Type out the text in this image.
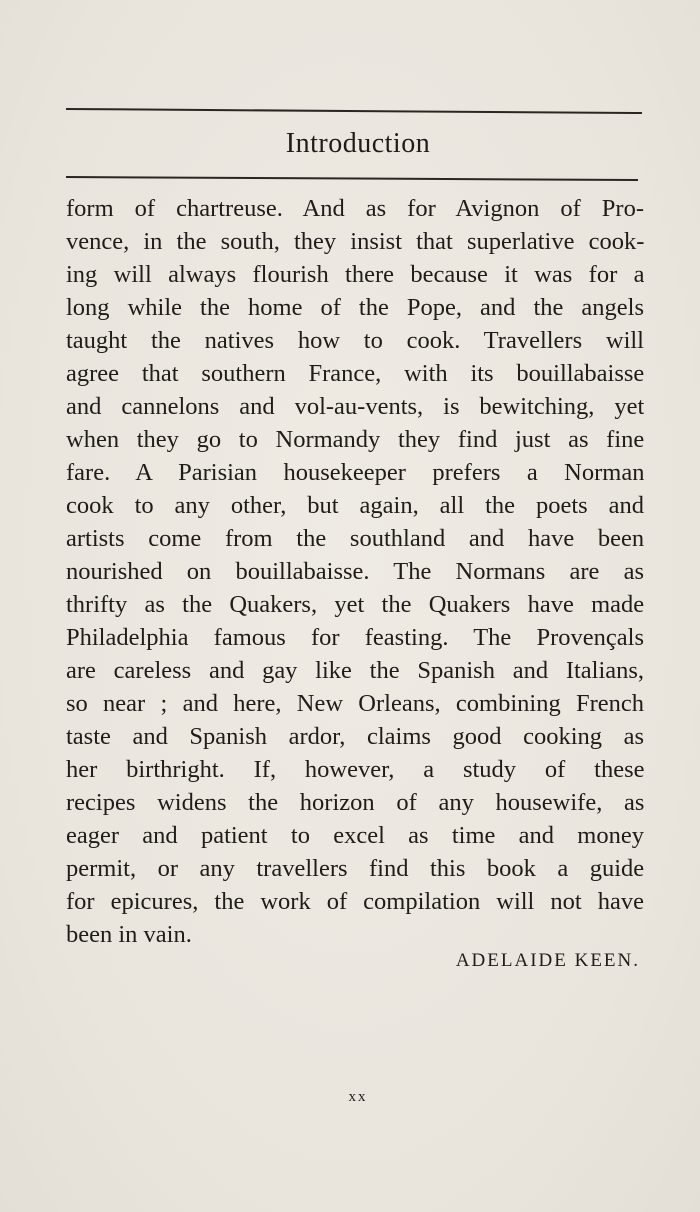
Introduction
form of chartreuse. And as for Avignon of Pro-
vence, in the south, they insist that superlative cook-
ing will always flourish there because it was for a
long while the home of the Pope, and the angels
taught the natives how to cook. Travellers will
agree that southern France, with its bouillabaisse
and cannelons and vol-au-vents, is bewitching, yet
when they go to Normandy they find just as fine
fare. A Parisian housekeeper prefers a Norman
cook to any other, but again, all the poets and
artists come from the southland and have been
nourished on bouillabaisse. The Normans are as
thrifty as the Quakers, yet the Quakers have made
Philadelphia famous for feasting. The Provençals
are careless and gay like the Spanish and Italians,
so near ; and here, New Orleans, combining French
taste and Spanish ardor, claims good cooking as
her birthright. If, however, a study of these
recipes widens the horizon of any housewife, as
eager and patient to excel as time and money
permit, or any travellers find this book a guide
for epicures, the work of compilation will not have
been in vain.
ADELAIDE KEEN.
xx
